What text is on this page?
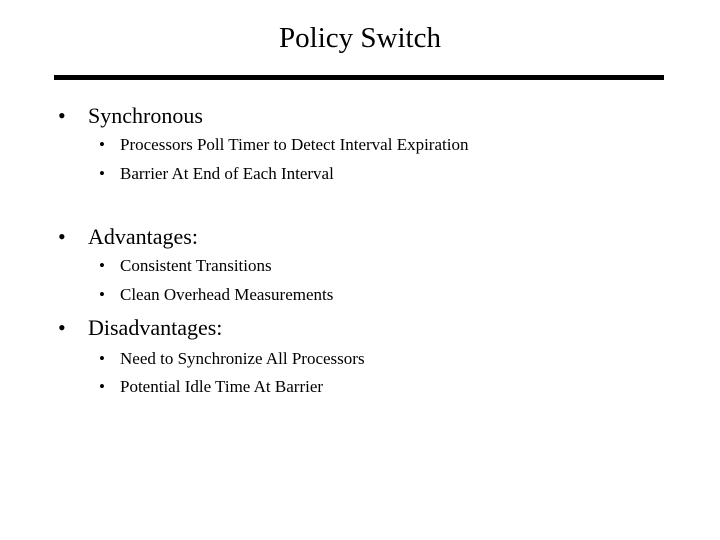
Policy Switch
• Synchronous
• Processors Poll Timer to Detect Interval Expiration
• Barrier At End of Each Interval
• Advantages:
• Consistent Transitions
• Clean Overhead Measurements
• Disadvantages:
• Need to Synchronize All Processors
• Potential Idle Time At Barrier
